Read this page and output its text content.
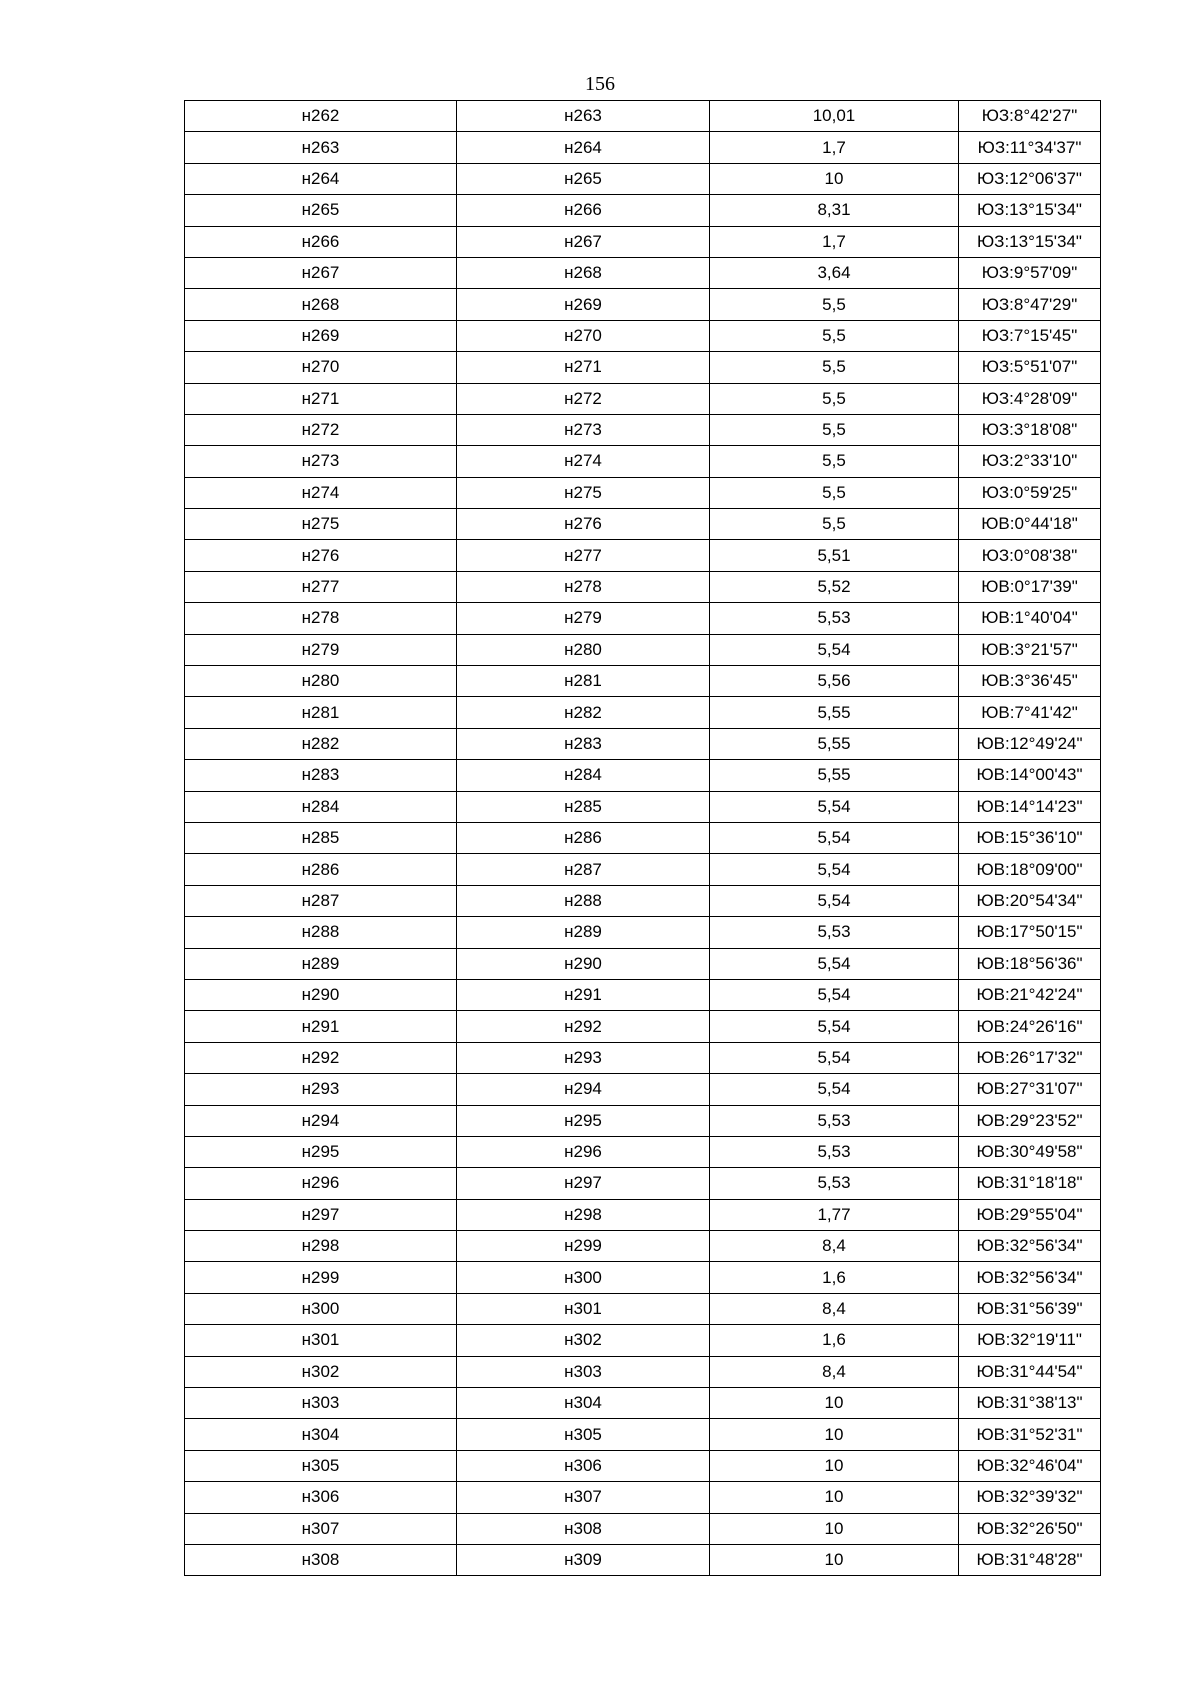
156
н262	н263	10,01	ЮЗ:8°42'27"
н263	н264	1,7	ЮЗ:11°34'37"
н264	н265	10	ЮЗ:12°06'37"
н265	н266	8,31	ЮЗ:13°15'34"
н266	н267	1,7	ЮЗ:13°15'34"
н267	н268	3,64	ЮЗ:9°57'09"
н268	н269	5,5	ЮЗ:8°47'29"
н269	н270	5,5	ЮЗ:7°15'45"
н270	н271	5,5	ЮЗ:5°51'07"
н271	н272	5,5	ЮЗ:4°28'09"
н272	н273	5,5	ЮЗ:3°18'08"
н273	н274	5,5	ЮЗ:2°33'10"
н274	н275	5,5	ЮЗ:0°59'25"
н275	н276	5,5	ЮВ:0°44'18"
н276	н277	5,51	ЮЗ:0°08'38"
н277	н278	5,52	ЮВ:0°17'39"
н278	н279	5,53	ЮВ:1°40'04"
н279	н280	5,54	ЮВ:3°21'57"
н280	н281	5,56	ЮВ:3°36'45"
н281	н282	5,55	ЮВ:7°41'42"
н282	н283	5,55	ЮВ:12°49'24"
н283	н284	5,55	ЮВ:14°00'43"
н284	н285	5,54	ЮВ:14°14'23"
н285	н286	5,54	ЮВ:15°36'10"
н286	н287	5,54	ЮВ:18°09'00"
н287	н288	5,54	ЮВ:20°54'34"
н288	н289	5,53	ЮВ:17°50'15"
н289	н290	5,54	ЮВ:18°56'36"
н290	н291	5,54	ЮВ:21°42'24"
н291	н292	5,54	ЮВ:24°26'16"
н292	н293	5,54	ЮВ:26°17'32"
н293	н294	5,54	ЮВ:27°31'07"
н294	н295	5,53	ЮВ:29°23'52"
н295	н296	5,53	ЮВ:30°49'58"
н296	н297	5,53	ЮВ:31°18'18"
н297	н298	1,77	ЮВ:29°55'04"
н298	н299	8,4	ЮВ:32°56'34"
н299	н300	1,6	ЮВ:32°56'34"
н300	н301	8,4	ЮВ:31°56'39"
н301	н302	1,6	ЮВ:32°19'11"
н302	н303	8,4	ЮВ:31°44'54"
н303	н304	10	ЮВ:31°38'13"
н304	н305	10	ЮВ:31°52'31"
н305	н306	10	ЮВ:32°46'04"
н306	н307	10	ЮВ:32°39'32"
н307	н308	10	ЮВ:32°26'50"
н308	н309	10	ЮВ:31°48'28"
